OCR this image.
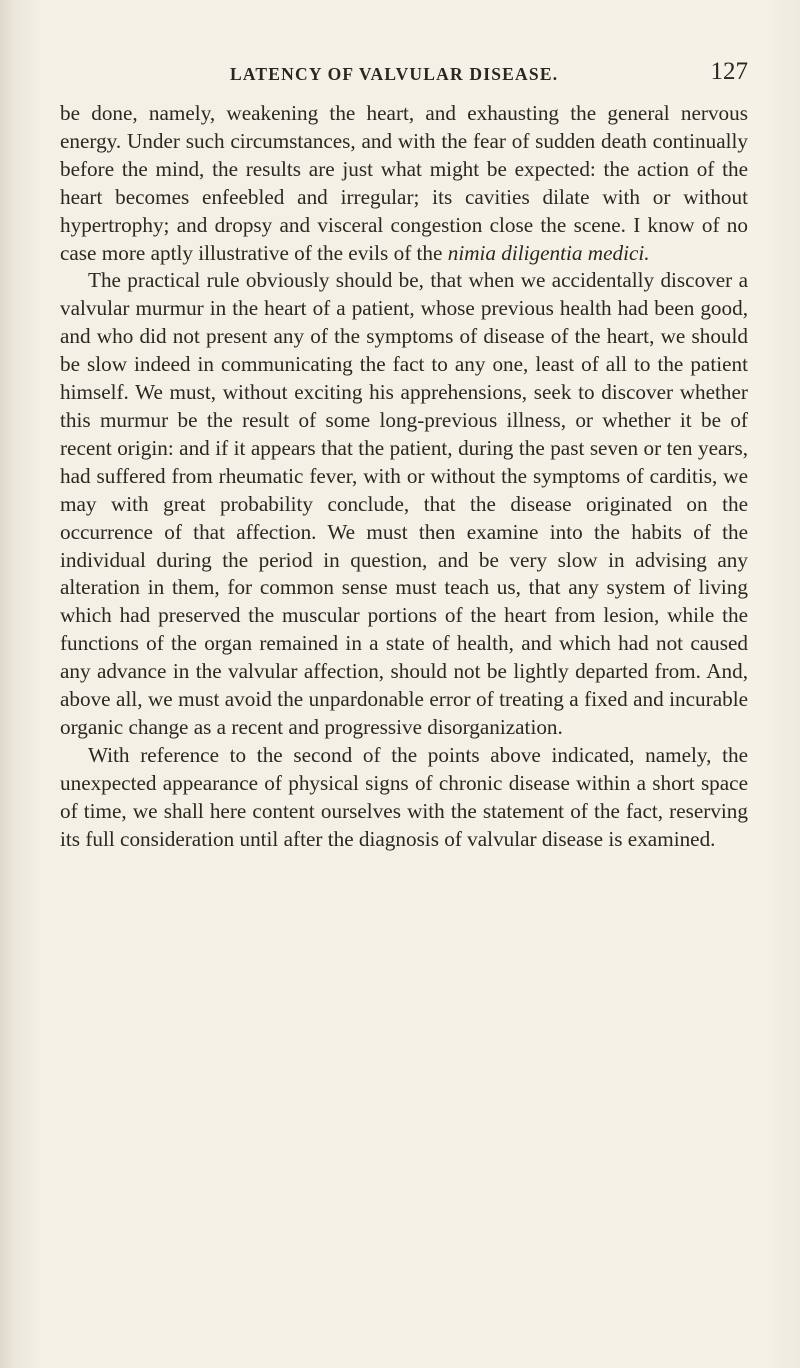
LATENCY OF VALVULAR DISEASE.	127

be done, namely, weakening the heart, and exhausting the general nervous energy. Under such circumstances, and with the fear of sudden death continually before the mind, the results are just what might be expected: the action of the heart becomes enfeebled and irregular; its cavities dilate with or without hypertrophy; and dropsy and visceral congestion close the scene. I know of no case more aptly illustrative of the evils of the nimia diligentia medici.

The practical rule obviously should be, that when we accidentally discover a valvular murmur in the heart of a patient, whose previous health had been good, and who did not present any of the symptoms of disease of the heart, we should be slow indeed in communicating the fact to any one, least of all to the patient himself. We must, without exciting his apprehensions, seek to discover whether this murmur be the result of some long-previous illness, or whether it be of recent origin: and if it appears that the patient, during the past seven or ten years, had suffered from rheumatic fever, with or without the symptoms of carditis, we may with great probability conclude, that the disease originated on the occurrence of that affection. We must then examine into the habits of the individual during the period in question, and be very slow in advising any alteration in them, for common sense must teach us, that any system of living which had preserved the muscular portions of the heart from lesion, while the functions of the organ remained in a state of health, and which had not caused any advance in the valvular affection, should not be lightly departed from. And, above all, we must avoid the unpardonable error of treating a fixed and incurable organic change as a recent and progressive disorganization.

With reference to the second of the points above indicated, namely, the unexpected appearance of physical signs of chronic disease within a short space of time, we shall here content ourselves with the statement of the fact, reserving its full consideration until after the diagnosis of valvular disease is examined.
